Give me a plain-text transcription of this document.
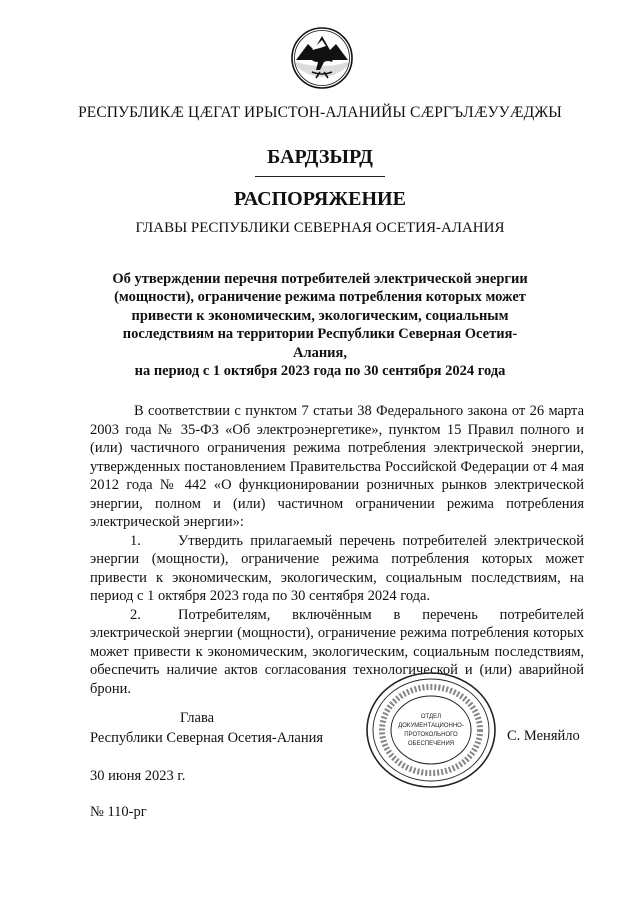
РЕСПУБЛИКӔ ЦӔГАТ ИРЫСТОН-АЛАНИЙЫ СӔРГЪЛӔУУӔДЖЫ
БАРДЗЫРД
РАСПОРЯЖЕНИЕ
ГЛАВЫ РЕСПУБЛИКИ СЕВЕРНАЯ ОСЕТИЯ-АЛАНИЯ
Об утверждении перечня потребителей электрической энергии
(мощности), ограничение режима потребления которых может
привести к экономическим, экологическим, социальным
последствиям на территории Республики Северная Осетия-Алания,
на период с 1 октября 2023 года по 30 сентября 2024 года

В соответствии с пунктом 7 статьи 38 Федерального закона от 26 марта 2003 года № 35-ФЗ «Об электроэнергетике», пунктом 15 Правил полного и (или) частичного ограничения режима потребления электрической энергии, утвержденных постановлением Правительства Российской Федерации от 4 мая 2012 года № 442 «О функционировании розничных рынков электрической энергии, полном и (или) частичном ограничении режима потребления электрической энергии»:

1.	Утвердить прилагаемый перечень потребителей электрической энергии (мощности), ограничение режима потребления которых может привести к экономическим, экологическим, социальным последствиям, на период с 1 октября 2023 года по 30 сентября 2024 года.

2.	Потребителям, включённым в перечень потребителей электрической энергии (мощности), ограничение режима потребления которых может привести к экономическим, экологическим, социальным последствиям, обеспечить наличие актов согласования технологической и (или) аварийной брони.

Глава
Республики Северная Осетия-Алания
ОТДЕЛ
ДОКУМЕНТАЦИОННО-
ПРОТОКОЛЬНОГО
ОБЕСПЕЧЕНИЯ	С. Меняйло
30 июня 2023 г.
№ 110-рг
